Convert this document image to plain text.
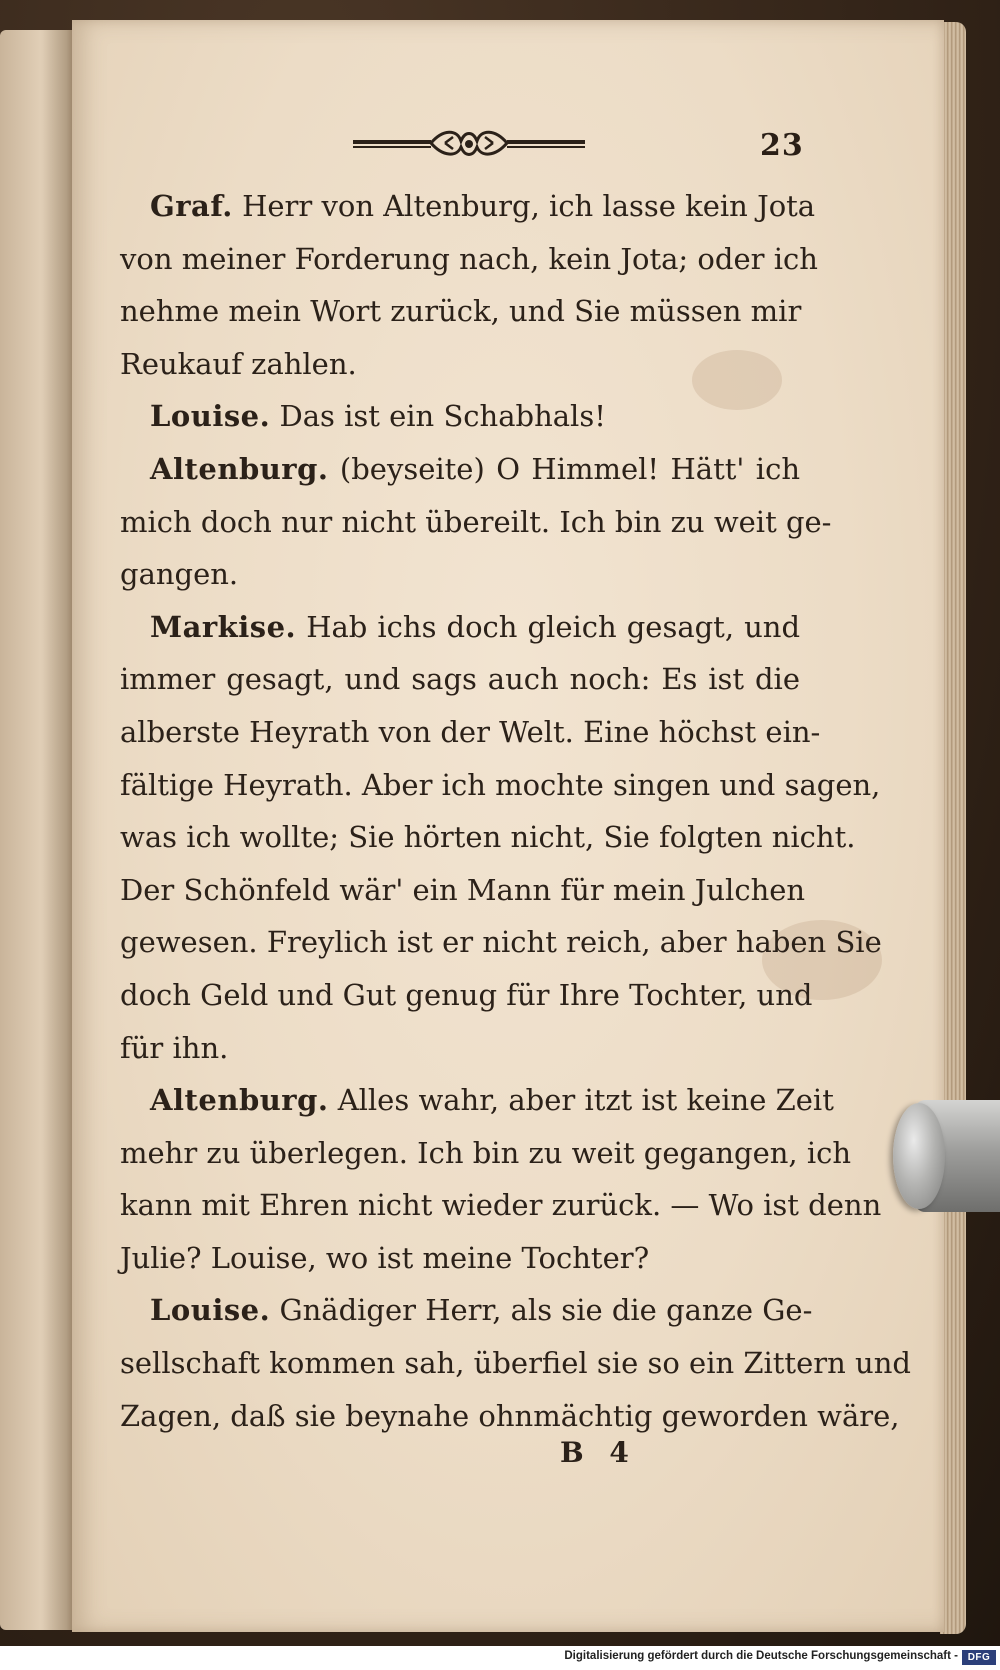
23
Graf. Herr von Altenburg, ich lasse kein Jota
von meiner Forderung nach, kein Jota; oder ich
nehme mein Wort zurück, und Sie müssen mir
Reukauf zahlen.
Louise. Das ist ein Schabhals!
Altenburg. (beyseite) O Himmel! Hätt' ich
mich doch nur nicht übereilt. Ich bin zu weit ge-
gangen.
Markise. Hab ichs doch gleich gesagt, und
immer gesagt, und sags auch noch: Es ist die
alberste Heyrath von der Welt. Eine höchst ein-
fältige Heyrath. Aber ich mochte singen und sagen,
was ich wollte; Sie hörten nicht, Sie folgten nicht.
Der Schönfeld wär' ein Mann für mein Julchen
gewesen. Freylich ist er nicht reich, aber haben Sie
doch Geld und Gut genug für Ihre Tochter, und
für ihn.
Altenburg. Alles wahr, aber itzt ist keine Zeit
mehr zu überlegen. Ich bin zu weit gegangen, ich
kann mit Ehren nicht wieder zurück. — Wo ist denn
Julie? Louise, wo ist meine Tochter?
Louise. Gnädiger Herr, als sie die ganze Ge-
sellschaft kommen sah, überfiel sie so ein Zittern und
Zagen, daß sie beynahe ohnmächtig geworden wäre,
B 4
Digitalisierung gefördert durch die Deutsche Forschungsgemeinschaft - DFG
